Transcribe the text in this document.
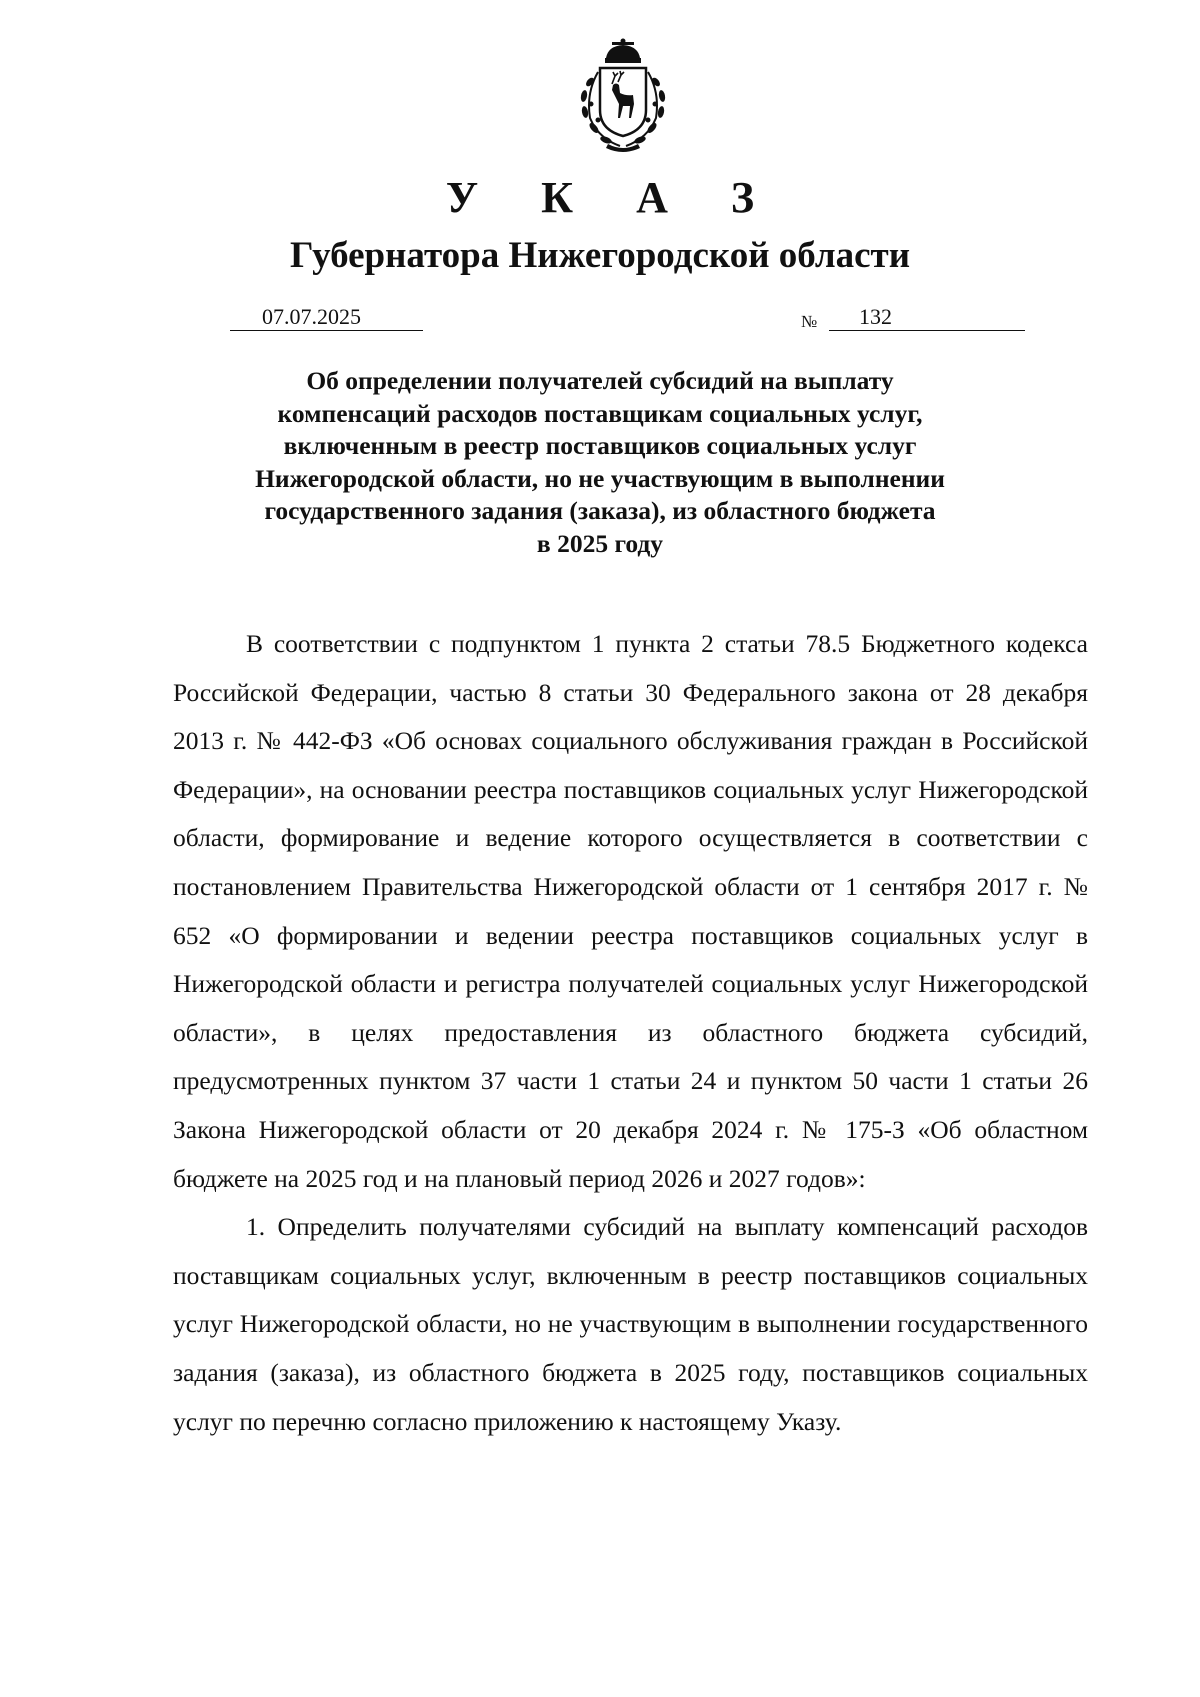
У К А З
Губернатора Нижегородской области
07.07.2025	№	132
Об определении получателей субсидий на выплату
компенсаций расходов поставщикам социальных услуг,
включенным в реестр поставщиков социальных услуг
Нижегородской области, но не участвующим в выполнении
государственного задания (заказа), из областного бюджета
в 2025 году

В соответствии с подпунктом 1 пункта 2 статьи 78.5 Бюджетного кодекса Российской Федерации, частью 8 статьи 30 Федерального закона от 28 декабря 2013 г. № 442-ФЗ «Об основах социального обслуживания граждан в Российской Федерации», на основании реестра поставщиков социальных услуг Нижегородской области, формирование и ведение которого осуществляется в соответствии с постановлением Правительства Нижегородской области от 1 сентября 2017 г. № 652 «О формировании и ведении реестра поставщиков социальных услуг в Нижегородской области и регистра получателей социальных услуг Нижегородской области», в целях предоставления из областного бюджета субсидий, предусмотренных пунктом 37 части 1 статьи 24 и пунктом 50 части 1 статьи 26 Закона Нижегородской области от 20 декабря 2024 г. № 175-З «Об областном бюджете на 2025 год и на плановый период 2026 и 2027 годов»:

1. Определить получателями субсидий на выплату компенсаций расходов поставщикам социальных услуг, включенным в реестр поставщиков социальных услуг Нижегородской области, но не участвующим в выполнении государственного задания (заказа), из областного бюджета в 2025 году, поставщиков социальных услуг по перечню согласно приложению к настоящему Указу.
